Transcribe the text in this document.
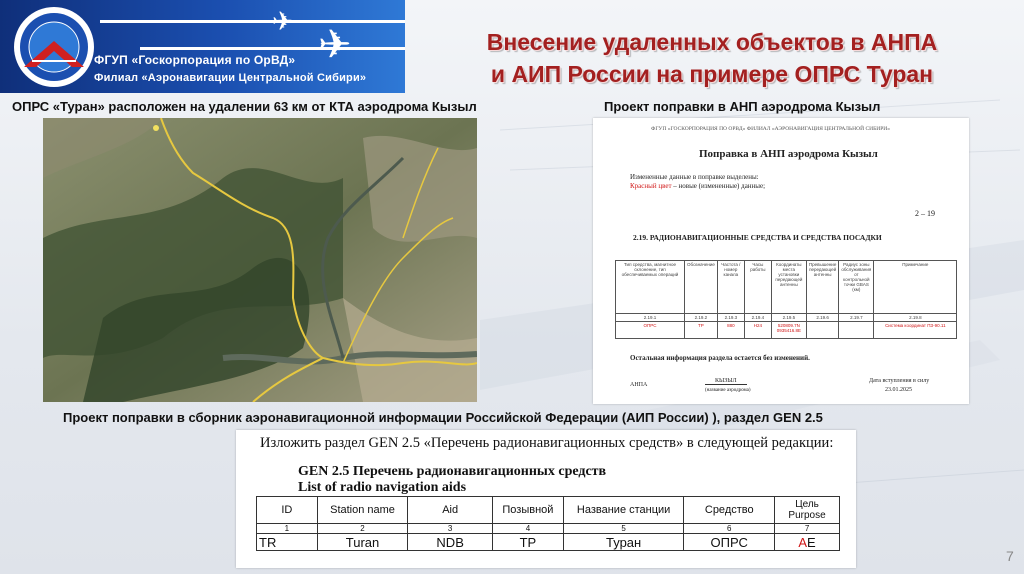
✈
✈
ФГУП «Госкорпорация по ОрВД»
Филиал «Аэронавигации Центральной Сибири»
Внесение удаленных объектов в АНПА
и АИП России на примере ОПРС Туран
ОПРС «Туран» расположен на удалении 63 км от КТА аэродрома Кызыл	Проект поправки в АНП аэродрома Кызыл
Проект поправки в сборник аэронавигационной информации Российской Федерации (АИП России) ), раздел GEN 2.5
ФГУП «ГОСКОРПОРАЦИЯ ПО ОРВД» ФИЛИАЛ «АЭРОНАВИГАЦИЯ ЦЕНТРАЛЬНОЙ СИБИРИ»
Поправка в АНП аэродрома Кызыл
Измененные данные в поправке выделены:
Красный цвет – новые (измененные) данные;
2 – 19
2.19. РАДИОНАВИГАЦИОННЫЕ СРЕДСТВА И СРЕДСТВА ПОСАДКИ
Тип средства, магнитное склонение, тип обеспечиваемых операций	Обозначение	Частота / номер канала	Часы работы	Координаты места установки передающей антенны	Превышение передающей антенны	Радиус зоны обслуживания от контрольной точки GBAS (км)	Примечание
2.19.1	2.19.2	2.19.3	2.19.4	2.19.5	2.19.6	2.19.7	2.19.8
ОПРС	ТР	880	H24	520809.7N 0935416.8E			Система координат ПЗ-90.11
Остальная информация раздела остается без изменений.
АНПА
КЫЗЫЛ
(название аэродрома)
Дата вступления в силу
23.01.2025
Изложить раздел GEN 2.5 «Перечень радионавигационных средств» в следующей редакции:
GEN 2.5 Перечень радионавигационных средств
List of radio navigation aids
ID	Station name	Aid	Позывной	Название станции	Средство	Цель Purpose
1	2	3	4	5	6	7
TR	Turan	NDB	ТР	Туран	ОПРС	AE
7
